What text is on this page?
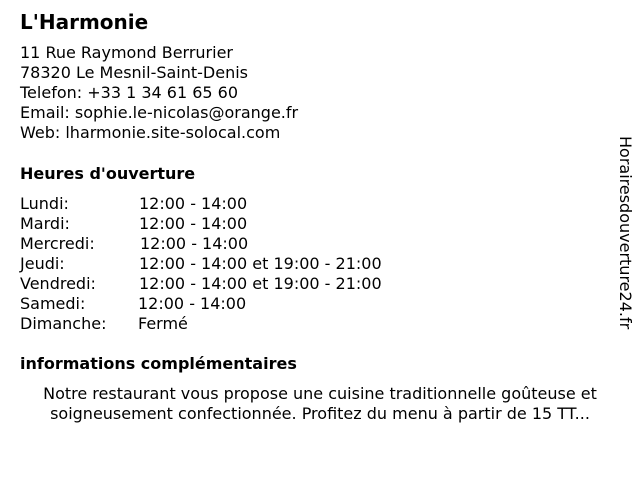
L'Harmonie
11 Rue Raymond Berrurier
78320 Le Mesnil-Saint-Denis
Telefon: +33 1 34 61 65 60
Email: sophie.le-nicolas@orange.fr
Web: lharmonie.site-solocal.com
Heures d'ouverture
Lundi:	12:00 - 14:00
Mardi:	12:00 - 14:00
Mercredi:	12:00 - 14:00
Jeudi:	12:00 - 14:00 et 19:00 - 21:00
Vendredi:	12:00 - 14:00 et 19:00 - 21:00
Samedi:	12:00 - 14:00
Dimanche: Fermé
informations complémentaires
Notre restaurant vous propose une cuisine traditionnelle goûteuse et soigneusement confectionnée. Profitez du menu à partir de 15 TT...
Horairesdouverture24.fr
